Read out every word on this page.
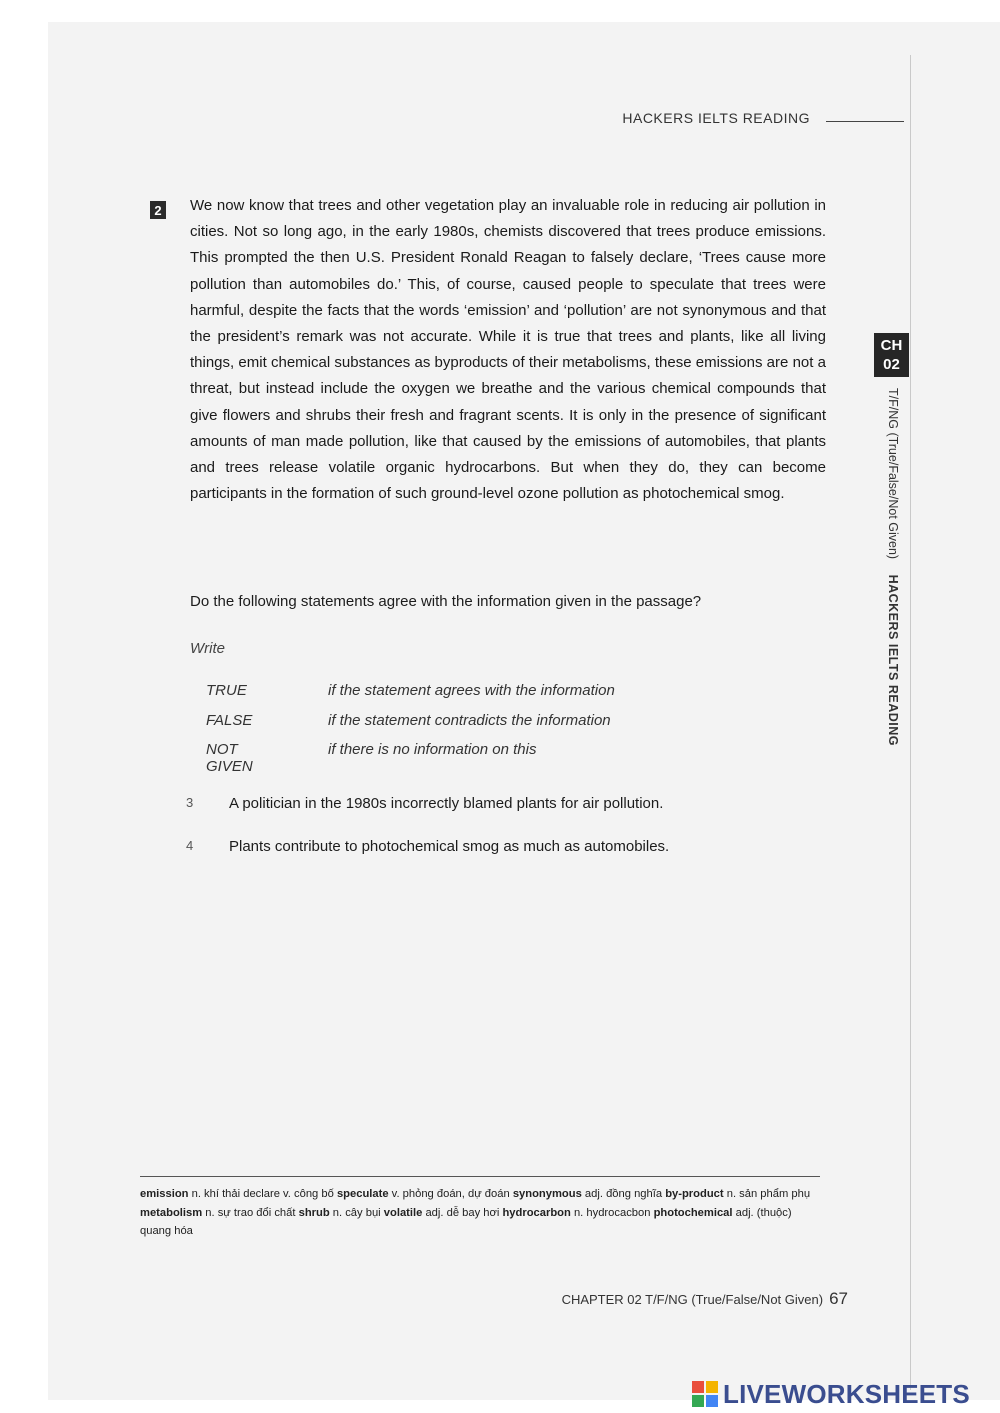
HACKERS IELTS READING
2 We now know that trees and other vegetation play an invaluable role in reducing air pollution in cities. Not so long ago, in the early 1980s, chemists discovered that trees produce emissions. This prompted the then U.S. President Ronald Reagan to falsely declare, ‘Trees cause more pollution than automobiles do.’ This, of course, caused people to speculate that trees were harmful, despite the facts that the words ‘emission’ and ‘pollution’ are not synonymous and that the president’s remark was not accurate. While it is true that trees and plants, like all living things, emit chemical substances as byproducts of their metabolisms, these emissions are not a threat, but instead include the oxygen we breathe and the various chemical compounds that give flowers and shrubs their fresh and fragrant scents. It is only in the presence of significant amounts of man made pollution, like that caused by the emissions of automobiles, that plants and trees release volatile organic hydrocarbons. But when they do, they can become participants in the formation of such ground-level ozone pollution as photochemical smog.

Do the following statements agree with the information given in the passage?

Write

TRUE	if the statement agrees with the information
FALSE	if the statement contradicts the information
NOT GIVEN
if there is no information on this
3 A politician in the 1980s incorrectly blamed plants for air pollution.
4 Plants contribute to photochemical smog as much as automobiles.
CH
02
T/F/NG (True/False/Not Given) HACKERS IELTS READING

emission n. khí thải declare v. công bố speculate v. phỏng đoán, dự đoán synonymous adj. đồng nghĩa by-product n. sản phẩm phụ metabolism n. sự trao đổi chất shrub n. cây bụi volatile adj. dễ bay hơi hydrocarbon n. hydrocacbon photochemical adj. (thuộc) quang hóa

CHAPTER 02 T/F/NG (True/False/Not Given) 67
LIVEWORKSHEETS
